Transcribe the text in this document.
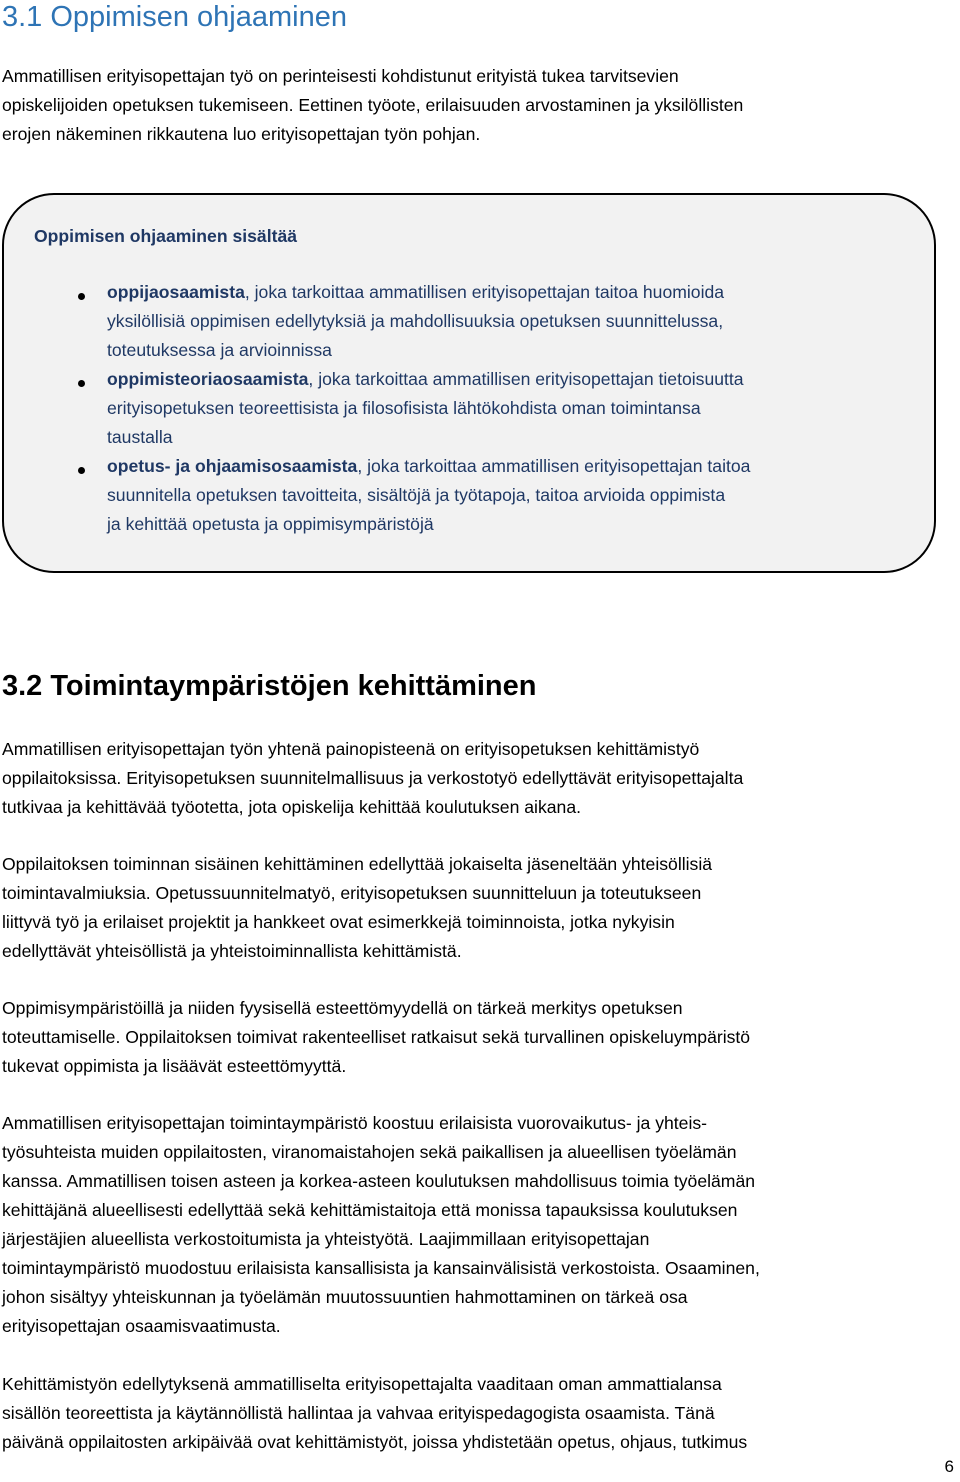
3.1 Oppimisen ohjaaminen
Ammatillisen erityisopettajan työ on perinteisesti kohdistunut erityistä tukea tarvitsevien
opiskelijoiden opetuksen tukemiseen. Eettinen työote, erilaisuuden arvostaminen ja yksilöllisten
erojen näkeminen rikkautena luo erityisopettajan työn pohjan.
Oppimisen ohjaaminen sisältää
oppijaosaamista, joka tarkoittaa ammatillisen erityisopettajan taitoa huomioida
yksilöllisiä oppimisen edellytyksiä ja mahdollisuuksia opetuksen suunnittelussa,
toteutuksessa ja arvioinnissa
oppimisteoriaosaamista, joka tarkoittaa ammatillisen erityisopettajan tietoisuutta
erityisopetuksen teoreettisista ja filosofisista lähtökohdista oman toimintansa
taustalla
opetus- ja ohjaamisosaamista, joka tarkoittaa ammatillisen erityisopettajan taitoa
suunnitella opetuksen tavoitteita, sisältöjä ja työtapoja, taitoa arvioida oppimista
ja kehittää opetusta ja oppimisympäristöjä
3.2 Toimintaympäristöjen kehittäminen
Ammatillisen erityisopettajan työn yhtenä painopisteenä on erityisopetuksen kehittämistyö
oppilaitoksissa. Erityisopetuksen suunnitelmallisuus ja verkostotyö edellyttävät erityisopettajalta
tutkivaa ja kehittävää työotetta, jota opiskelija kehittää koulutuksen aikana.
Oppilaitoksen toiminnan sisäinen kehittäminen edellyttää jokaiselta jäseneltään yhteisöllisiä
toimintavalmiuksia. Opetussuunnitelmatyö, erityisopetuksen suunnitteluun ja toteutukseen
liittyvä työ ja erilaiset projektit ja hankkeet ovat esimerkkejä toiminnoista, jotka nykyisin
edellyttävät yhteisöllistä ja yhteistoiminnallista kehittämistä.
Oppimisympäristöillä ja niiden fyysisellä esteettömyydellä on tärkeä merkitys opetuksen
toteuttamiselle. Oppilaitoksen toimivat rakenteelliset ratkaisut sekä turvallinen opiskeluympäristö
tukevat oppimista ja lisäävät esteettömyyttä.
Ammatillisen erityisopettajan toimintaympäristö koostuu erilaisista vuorovaikutus- ja yhteis-
työsuhteista muiden oppilaitosten, viranomaistahojen sekä paikallisen ja alueellisen työelämän
kanssa. Ammatillisen toisen asteen ja korkea-asteen koulutuksen mahdollisuus toimia työelämän
kehittäjänä alueellisesti edellyttää sekä kehittämistaitoja että monissa tapauksissa koulutuksen
järjestäjien alueellista verkostoitumista ja yhteistyötä. Laajimmillaan erityisopettajan
toimintaympäristö muodostuu erilaisista kansallisista ja kansainvälisistä verkostoista. Osaaminen,
johon sisältyy yhteiskunnan ja työelämän muutossuuntien hahmottaminen on tärkeä osa
erityisopettajan osaamisvaatimusta.
Kehittämistyön edellytyksenä ammatilliselta erityisopettajalta vaaditaan oman ammattialansa
sisällön teoreettista ja käytännöllistä hallintaa ja vahvaa erityispedagogista osaamista. Tänä
päivänä oppilaitosten arkipäivää ovat kehittämistyöt, joissa yhdistetään opetus, ohjaus, tutkimus
6
